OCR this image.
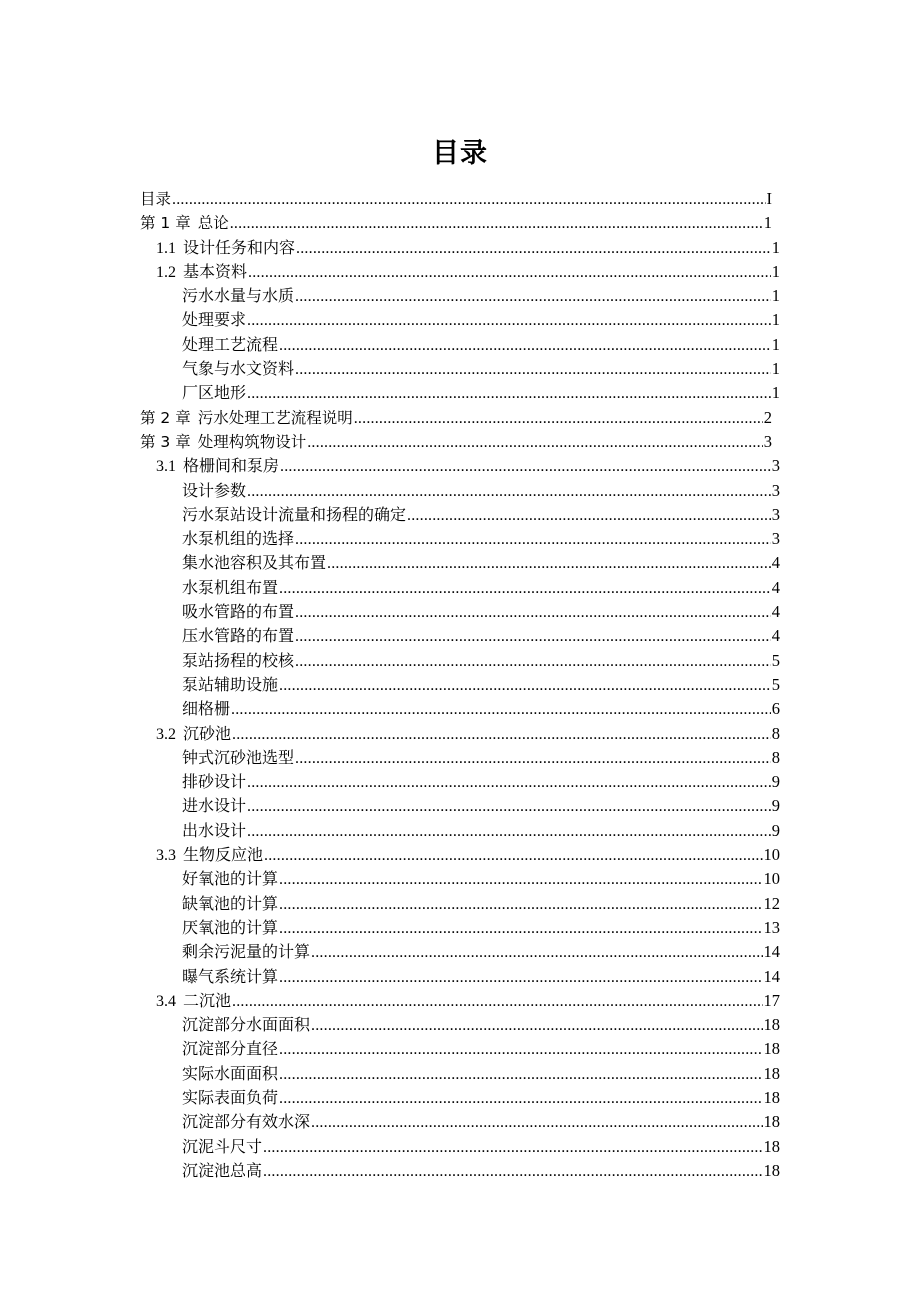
目录
目录 .....	I
第 1 章 总论 .....	1
1.1 设计任务和内容 .....	1
1.2 基本资料 .....	1
污水水量与水质 .....	1
处理要求 .....	1
处理工艺流程 .....	1
气象与水文资料 .....	1
厂区地形 .....	1
第 2 章 污水处理工艺流程说明 .....	2
第 3 章 处理构筑物设计 .....	3
3.1 格栅间和泵房 .....	3
设计参数 .....	3
污水泵站设计流量和扬程的确定 .....	3
水泵机组的选择 .....	3
集水池容积及其布置 .....	4
水泵机组布置 .....	4
吸水管路的布置 .....	4
压水管路的布置 .....	4
泵站扬程的校核 .....	5
泵站辅助设施 .....	5
细格栅 .....	6
3.2 沉砂池 .....	8
钟式沉砂池选型 .....	8
排砂设计 .....	9
进水设计 .....	9
出水设计 .....	9
3.3 生物反应池 .....	10
好氧池的计算 .....	10
缺氧池的计算 .....	12
厌氧池的计算 .....	13
剩余污泥量的计算 .....	14
曝气系统计算 .....	14
3.4 二沉池 .....	17
沉淀部分水面面积 .....	18
沉淀部分直径 .....	18
实际水面面积 .....	18
实际表面负荷 .....	18
沉淀部分有效水深 .....	18
沉泥斗尺寸 .....	18
沉淀池总高 .....	18
